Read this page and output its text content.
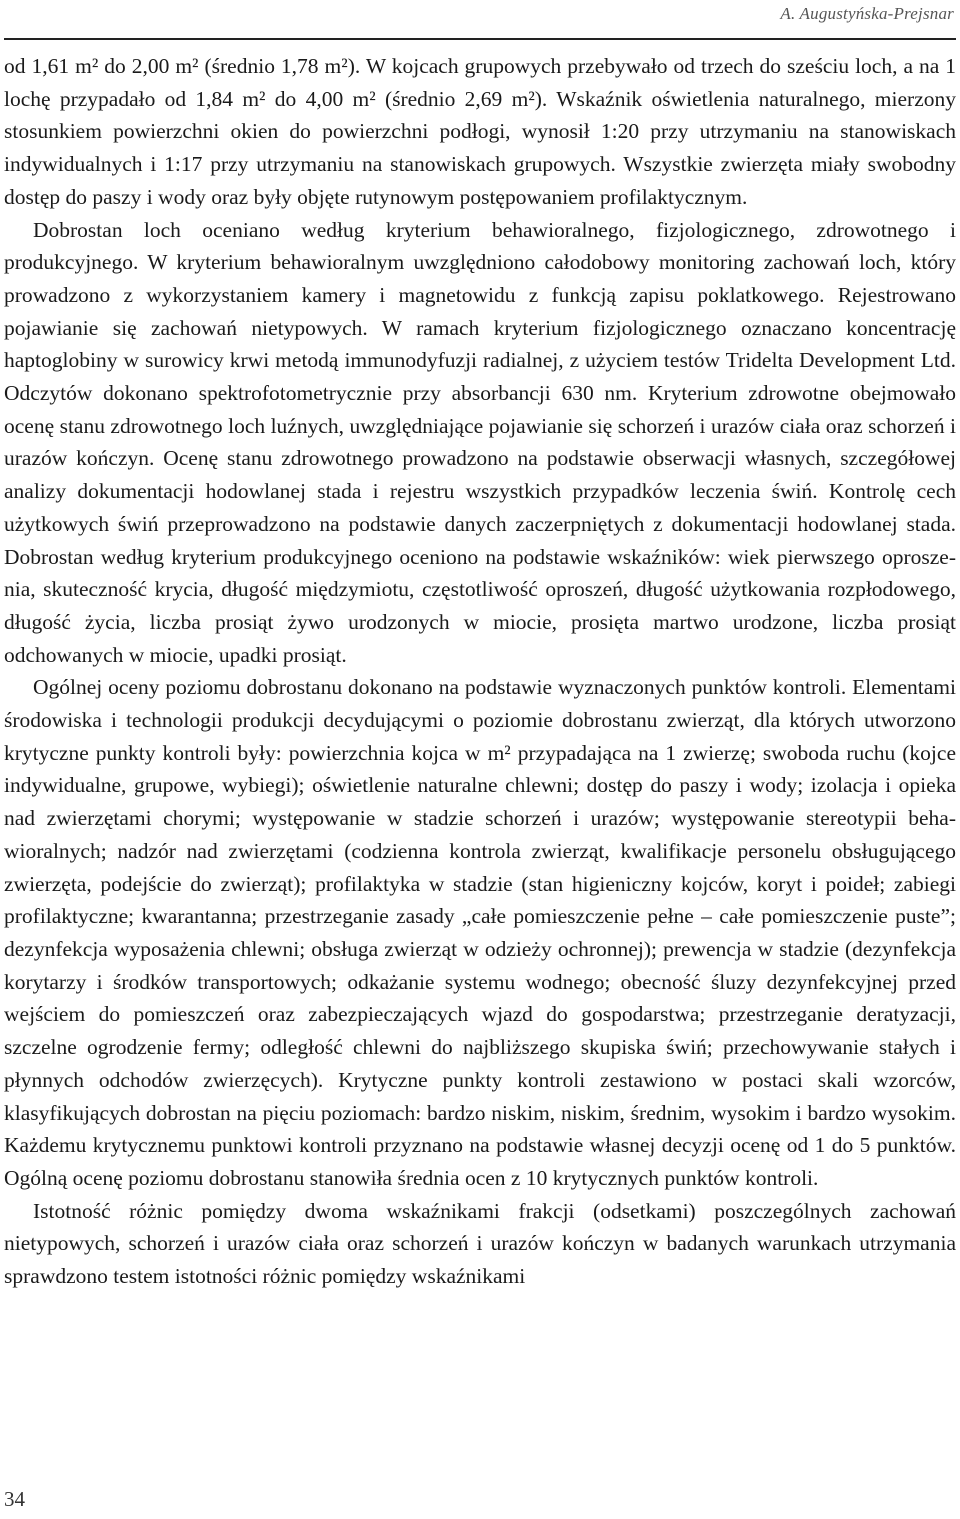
A. Augustyńska-Prejsnar

od 1,61 m² do 2,00 m² (średnio 1,78 m²). W kojcach grupowych przebywało od trzech do sześciu loch, a na 1 lochę przypadało od 1,84 m² do 4,00 m² (średnio 2,69 m²). Wskaźnik oświetlenia naturalnego, mierzony stosunkiem powierzchni okien do powierzchni podłogi, wynosił 1:20 przy utrzymaniu na stanowiskach indywidualnych i 1:17 przy utrzymaniu na stanowiskach grupowych. Wszystkie zwierzęta miały swobodny dostęp do paszy i wody oraz były objęte rutynowym postępowaniem profilaktycznym.

Dobrostan loch oceniano według kryterium behawioralnego, fizjologicznego, zdrowotnego i produkcyjnego. W kryterium behawioralnym uwzględniono całodobowy monitoring zachowań loch, który prowadzono z wykorzystaniem kamery i magnetowidu z funkcją zapisu poklatkowego. Rejestrowano pojawianie się zachowań nietypowych. W ramach kryterium fizjologicznego oznaczano koncentrację haptoglobiny w surowicy krwi metodą immunodyfuzji radialnej, z użyciem testów Tridelta Development Ltd. Odczytów dokonano spektrofotometrycznie przy absorbancji 630 nm. Kryterium zdrowotne obejmowało ocenę stanu zdrowotnego loch luźnych, uwzględniające pojawianie się schorzeń i urazów ciała oraz schorzeń i urazów kończyn. Ocenę stanu zdrowotnego prowadzono na podstawie obserwacji własnych, szczegółowej analizy dokumentacji hodowlanej stada i rejestru wszystkich przypadków leczenia świń. Kontrolę cech użytkowych świń przeprowadzono na podstawie danych zaczerpniętych z dokumentacji hodowlanej stada. Dobrostan według kryterium produkcyjnego oceniono na podstawie wskaźników: wiek pierwszego oproszenia, skuteczność krycia, długość międzymiotu, częstotliwość oproszeń, długość użytkowania rozpłodowego, długość życia, liczba prosiąt żywo urodzonych w miocie, prosięta martwo urodzone, liczba prosiąt odchowanych w miocie, upadki prosiąt.

Ogólnej oceny poziomu dobrostanu dokonano na podstawie wyznaczonych punktów kontroli. Elementami środowiska i technologii produkcji decydującymi o poziomie dobrostanu zwierząt, dla których utworzono krytyczne punkty kontroli były: powierzchnia kojca w m² przypadająca na 1 zwierzę; swoboda ruchu (kojce indywidualne, grupowe, wybiegi); oświetlenie naturalne chlewni; dostęp do paszy i wody; izolacja i opieka nad zwierzętami chorymi; występowanie w stadzie schorzeń i urazów; występowanie stereotypii behawioralnych; nadzór nad zwierzętami (codzienna kontrola zwierząt, kwalifikacje personelu obsługującego zwierzęta, podejście do zwierząt); profilaktyka w stadzie (stan higieniczny kojców, koryt i poideł; zabiegi profilaktyczne; kwarantanna; przestrzeganie zasady „całe pomieszczenie pełne – całe pomieszczenie puste”; dezynfekcja wyposażenia chlewni; obsługa zwierząt w odzieży ochronnej); prewencja w stadzie (dezynfekcja korytarzy i środków transportowych; odkażanie systemu wodnego; obecność śluzy dezynfekcyjnej przed wejściem do pomieszczeń oraz zabezpieczających wjazd do gospodarstwa; przestrzeganie deratyzacji, szczelne ogrodzenie fermy; odległość chlewni do najbliższego skupiska świń; przechowywanie stałych i płynnych odchodów zwierzęcych). Krytyczne punkty kontroli zestawiono w postaci skali wzorców, klasyfikujących dobrostan na pięciu poziomach: bardzo niskim, niskim, średnim, wysokim i bardzo wysokim. Każdemu krytycznemu punktowi kontroli przyznano na podstawie własnej decyzji ocenę od 1 do 5 punktów. Ogólną ocenę poziomu dobrostanu stanowiła średnia ocen z 10 krytycznych punktów kontroli.

Istotność różnic pomiędzy dwoma wskaźnikami frakcji (odsetkami) poszczególnych zachowań nietypowych, schorzeń i urazów ciała oraz schorzeń i urazów kończyn w badanych warunkach utrzymania sprawdzono testem istotności różnic pomiędzy wskaźnikami

34
